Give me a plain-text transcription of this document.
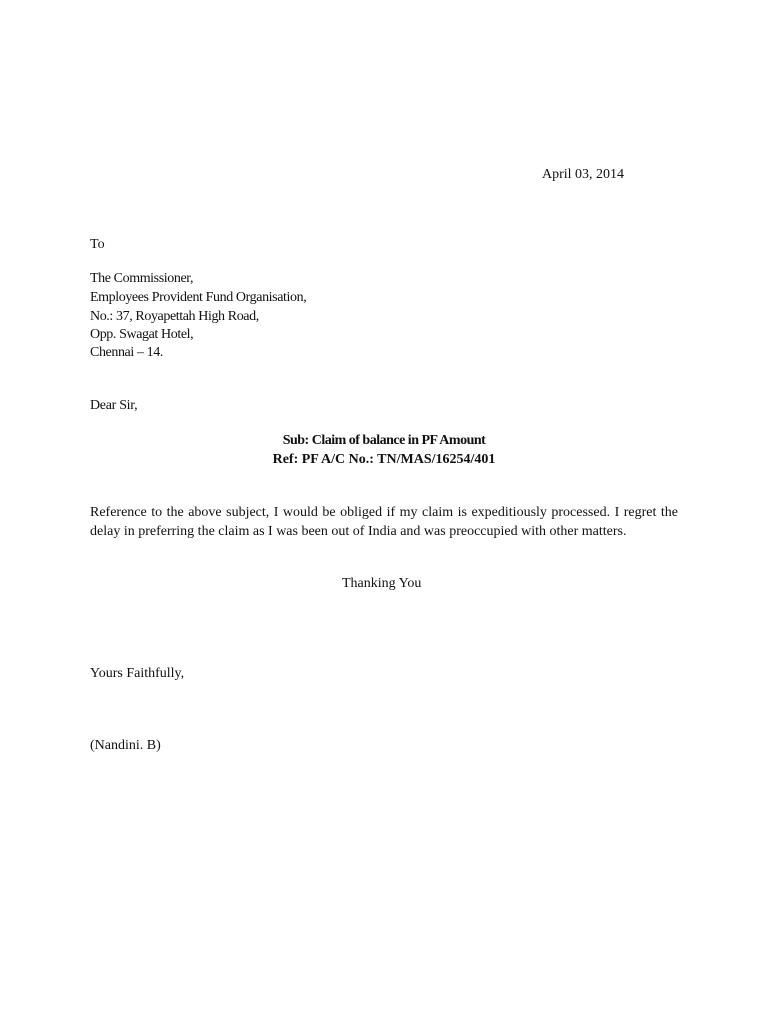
April 03, 2014
To
The Commissioner,
Employees Provident Fund Organisation,
No.: 37, Royapettah High Road,
Opp. Swagat Hotel,
Chennai – 14.
Dear Sir,
Sub: Claim of balance in PF Amount
Ref: PF A/C No.: TN/MAS/16254/401
Reference to the above subject, I would be obliged if my claim is expeditiously processed. I regret the delay in preferring the claim as I was been out of India and was preoccupied with other matters.
Thanking You
Yours Faithfully,
(Nandini. B)
